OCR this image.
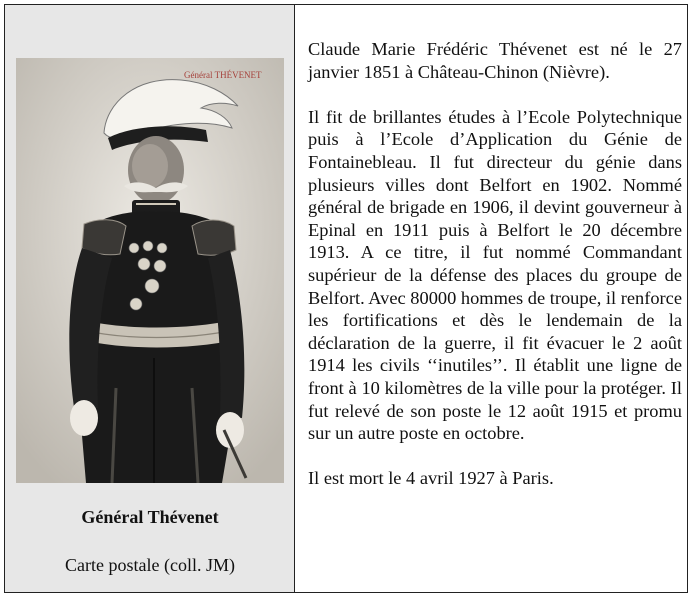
Général THÉVENET
Général Thévenet
Carte postale (coll. JM)

Claude Marie Frédéric Thévenet est né le 27 janvier 1851 à Château-Chinon (Nièvre).

Il fit de brillantes études à l’Ecole Polytechnique puis à l’Ecole d’Application du Génie de Fontainebleau. Il fut directeur du génie dans plusieurs villes dont Belfort en 1902. Nommé général de brigade en 1906, il devint gouverneur à Epinal en 1911 puis à Belfort le 20 décembre 1913. A ce titre, il fut nommé Commandant supérieur de la défense des places du groupe de Belfort. Avec 80000 hommes de troupe, il renforce les fortifications et dès le lendemain de la déclaration de la guerre, il fit évacuer le 2 août 1914 les civils ‘‘inutiles’’. Il établit une ligne de front à 10 kilomètres de la ville pour la protéger. Il fut relevé de son poste le 12 août 1915 et promu sur un autre poste en octobre.

Il est mort le 4 avril 1927 à Paris.
